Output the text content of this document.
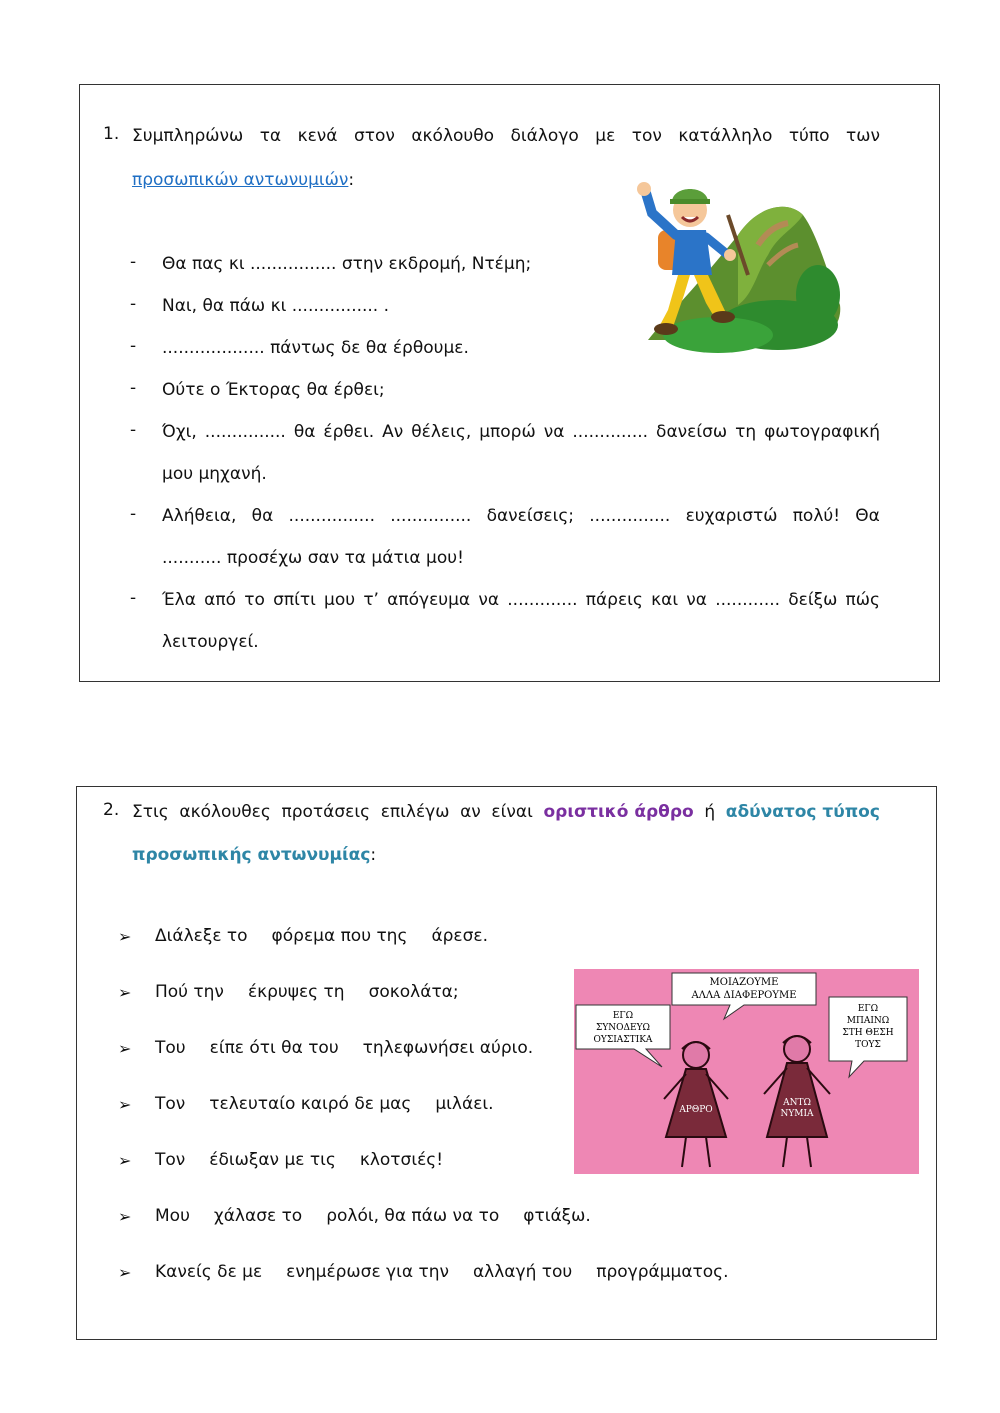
1. Συμπληρώνω τα κενά στον ακόλουθο διάλογο με τον κατάλληλο τύπο των
προσωπικών αντωνυμιών:
-	Θα πας κι ................ στην εκδρομή, Ντέμη;
-	Ναι, θα πάω κι ................ .
-	................... πάντως δε θα έρθουμε.
-	Ούτε ο Έκτορας θα έρθει;
-	Όχι, ............... θα έρθει. Αν θέλεις, μπορώ να .............. δανείσω τη φωτογραφική
μου μηχανή.
-	Αλήθεια, θα ................ ............... δανείσεις; ............... ευχαριστώ πολύ! Θα
........... προσέχω σαν τα μάτια μου!
-	Έλα από το σπίτι μου τ’ απόγευμα να ............. πάρεις και να ............ δείξω πώς
λειτουργεί.
2. Στις ακόλουθες προτάσεις επιλέγω αν είναι οριστικό άρθρο ή αδύνατος τύπος
προσωπικής αντωνυμίας:
➢ Διάλεξε το φόρεμα που της άρεσε.
➢ Πού την έκρυψες τη σοκολάτα;
➢ Του είπε ότι θα του τηλεφωνήσει αύριο.
➢ Τον τελευταίο καιρό δε μας μιλάει.
➢ Τον έδιωξαν με τις κλοτσιές!
➢ Μου χάλασε το ρολόι, θα πάω να το φτιάξω.
➢ Κανείς δε με ενημέρωσε για την αλλαγή του προγράμματος.
ΜΟΙΑΖΟΥΜΕ
ΑΛΛΑ ΔΙΑΦΕΡΟΥΜΕ
ΕΓΩ
ΣΥΝΟΔΕΥΩ
ΟΥΣΙΑΣΤΙΚΑ
ΕΓΩ
ΜΠΑΙΝΩ
ΣΤΗ ΘΕΣΗ
ΤΟΥΣ
ΑΡΘΡΟ
ΑΝΤΩ
ΝΥΜΙΑ
